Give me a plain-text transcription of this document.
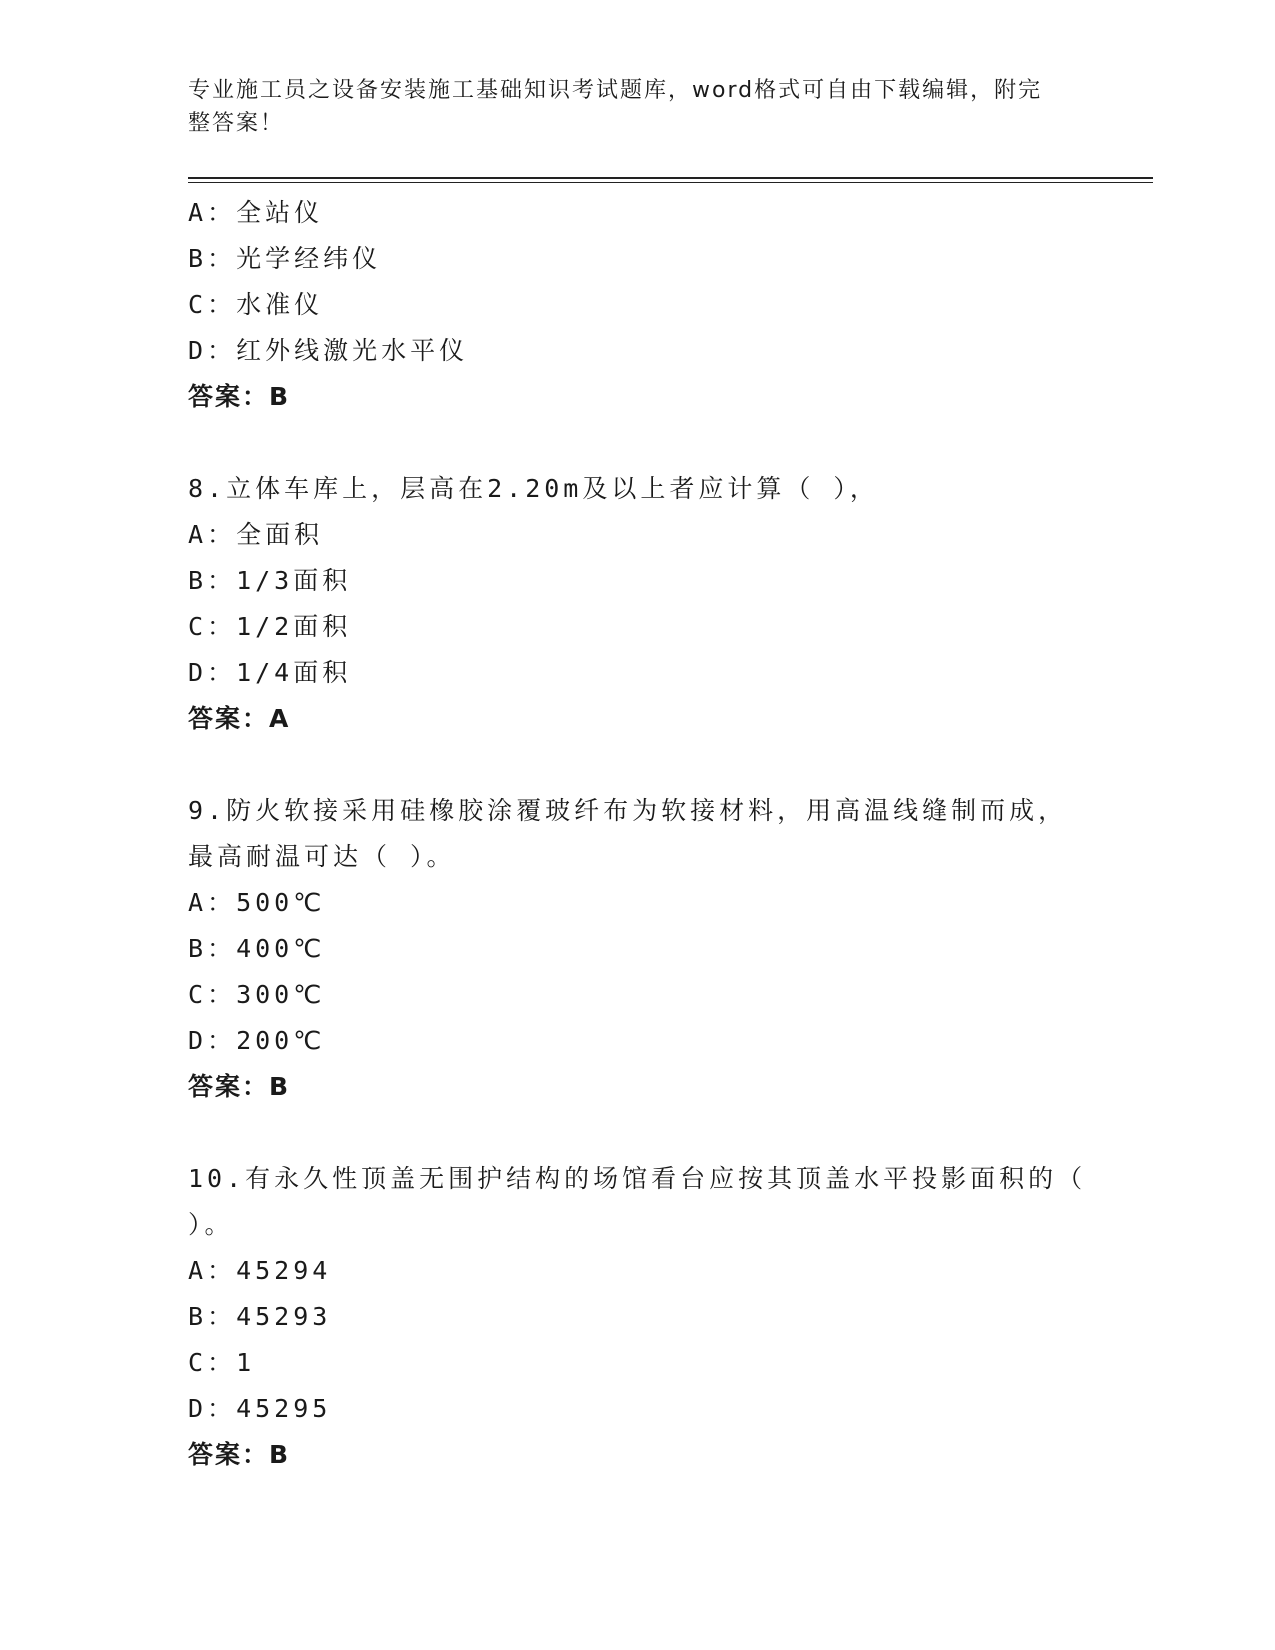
专业施工员之设备安装施工基础知识考试题库，word格式可自由下载编辑，附完
整答案！
A：全站仪
B：光学经纬仪
C：水准仪
D：红外线激光水平仪
答案：B
8.立体车库上，层高在2.20m及以上者应计算（ ），
A：全面积
B：1/3面积
C：1/2面积
D：1/4面积
答案：A
9.防火软接采用硅橡胶涂覆玻纤布为软接材料，用高温线缝制而成，
最高耐温可达（ ）。
A：500℃
B：400℃
C：300℃
D：200℃
答案：B
10.有永久性顶盖无围护结构的场馆看台应按其顶盖水平投影面积的（
）。
A：45294
B：45293
C：1
D：45295
答案：B
